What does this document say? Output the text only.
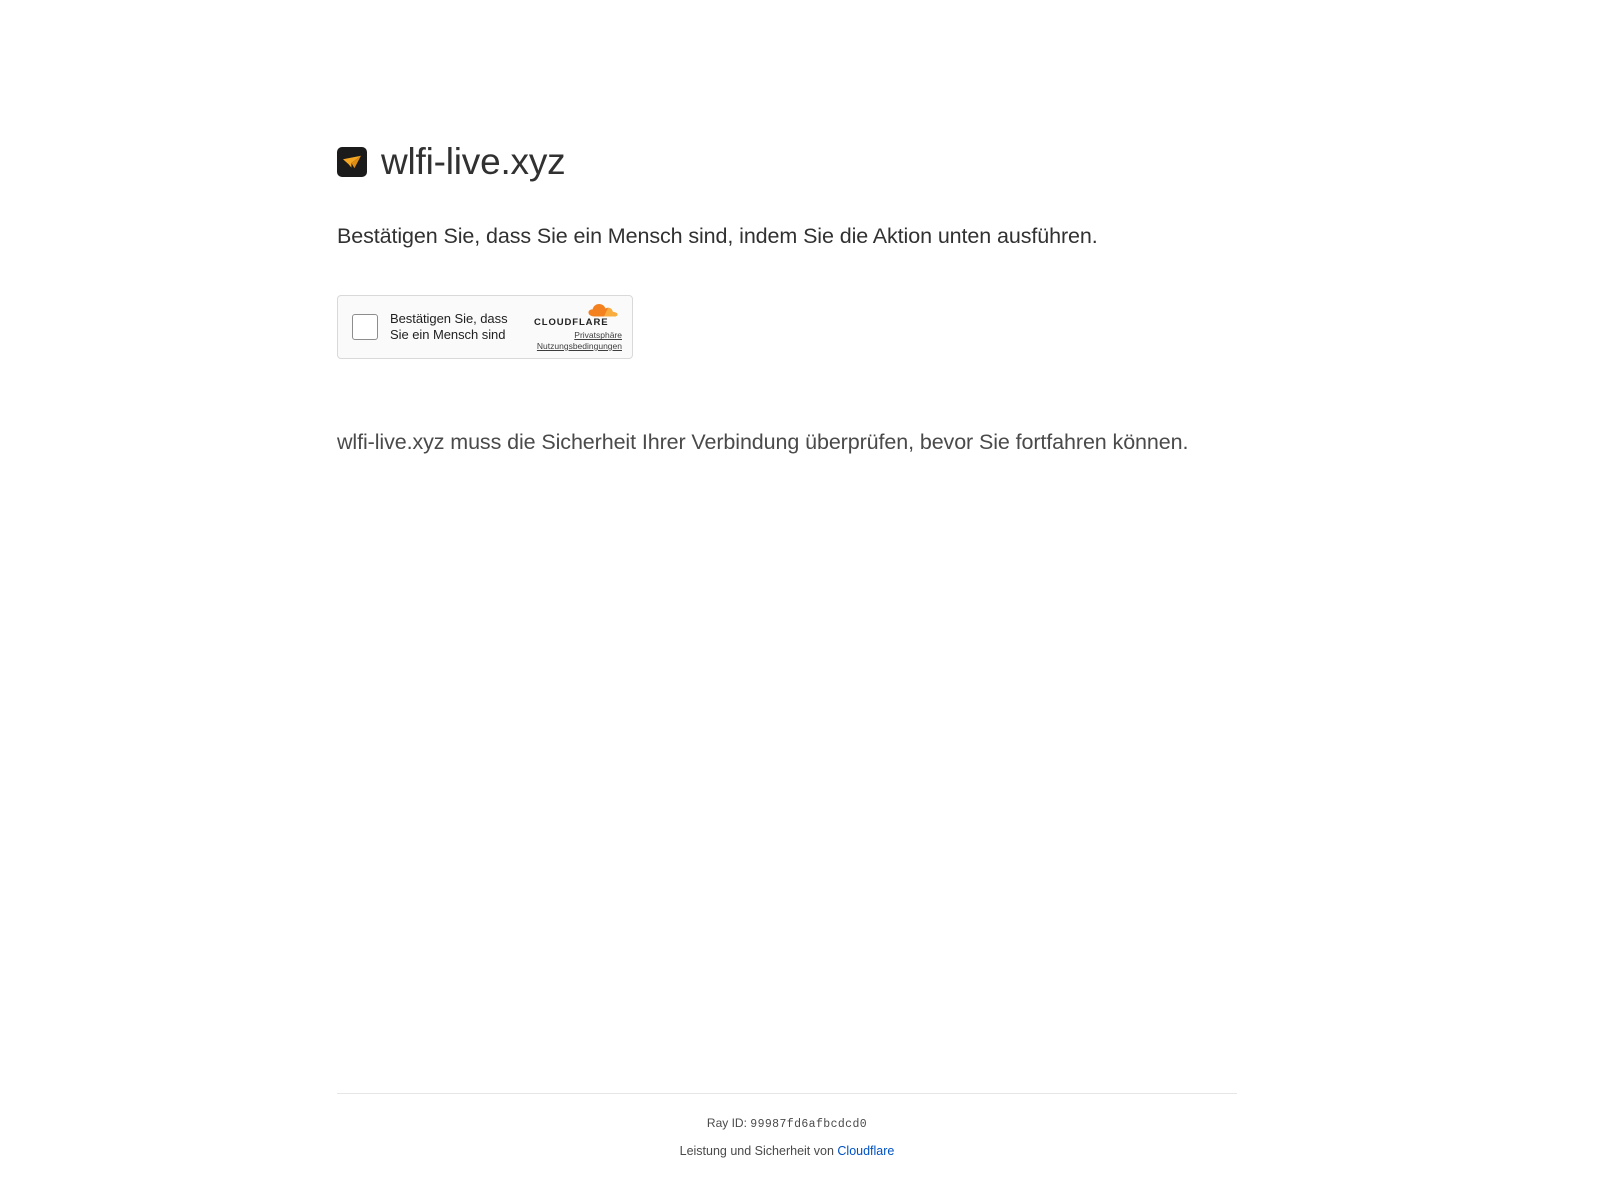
wlfi-live.xyz
Bestätigen Sie, dass Sie ein Mensch sind, indem Sie die Aktion unten ausführen.
Bestätigen Sie, dass Sie ein Mensch sind
CLOUDFLARE
Privatsphäre
Nutzungsbedingungen
wlfi-live.xyz muss die Sicherheit Ihrer Verbindung überprüfen, bevor Sie fortfahren können.
Ray ID: 99987fd6afbcdcd0
Leistung und Sicherheit von Cloudflare
